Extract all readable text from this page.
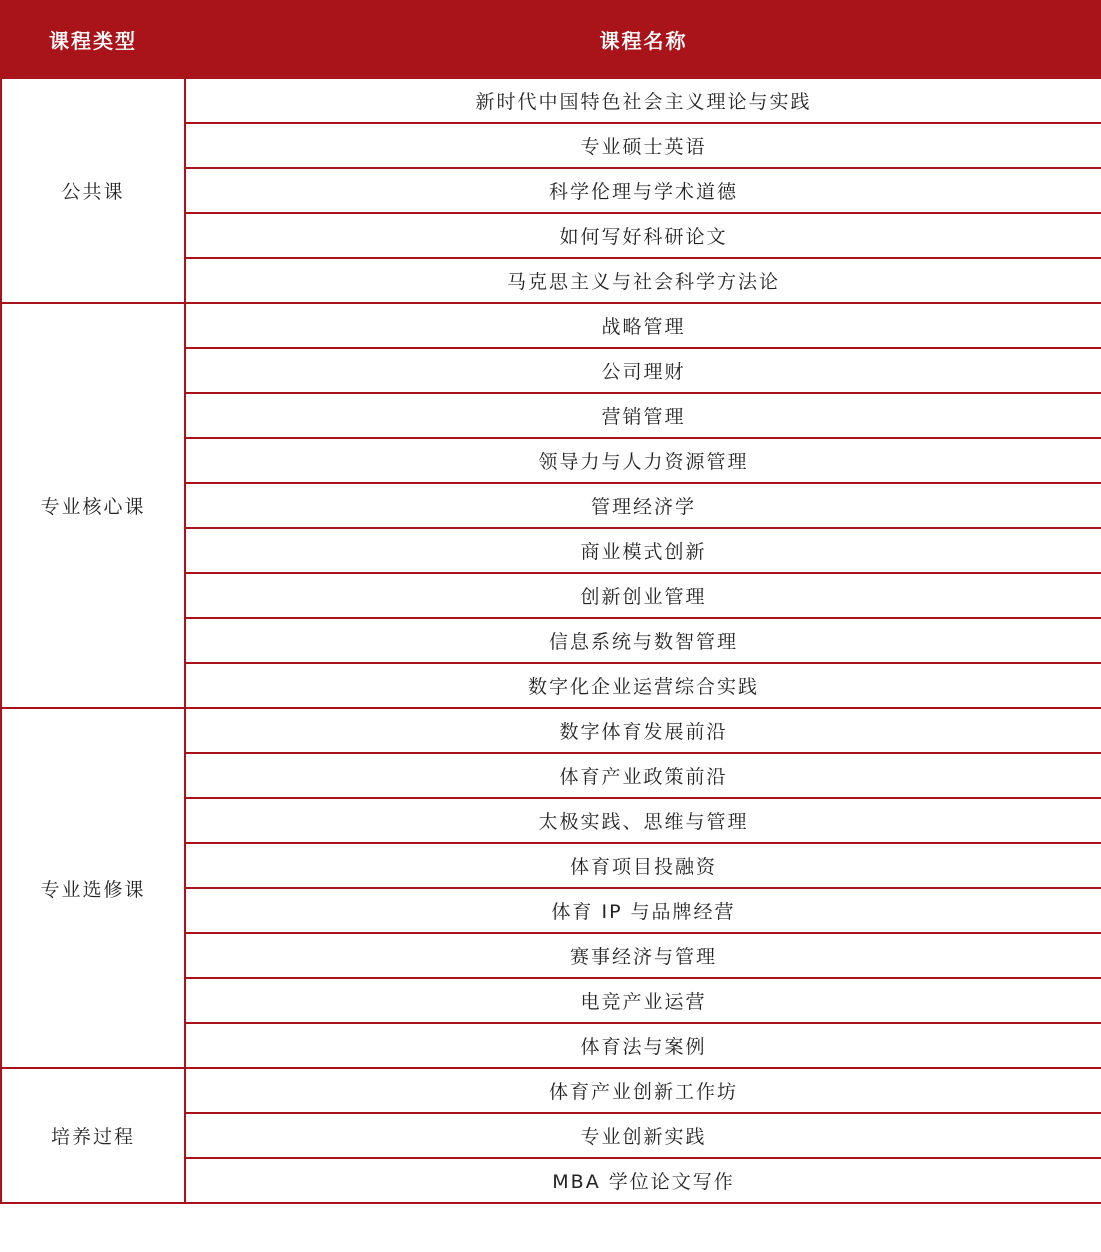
课程类型	课程名称
公共课	新时代中国特色社会主义理论与实践
	专业硕士英语
	科学伦理与学术道德
	如何写好科研论文
	马克思主义与社会科学方法论
专业核心课	战略管理
	公司理财
	营销管理
	领导力与人力资源管理
	管理经济学
	商业模式创新
	创新创业管理
	信息系统与数智管理
	数字化企业运营综合实践
专业选修课	数字体育发展前沿
	体育产业政策前沿
	太极实践、思维与管理
	体育项目投融资
	体育 IP 与品牌经营
	赛事经济与管理
	电竞产业运营
	体育法与案例
培养过程	体育产业创新工作坊
	专业创新实践
	MBA 学位论文写作
